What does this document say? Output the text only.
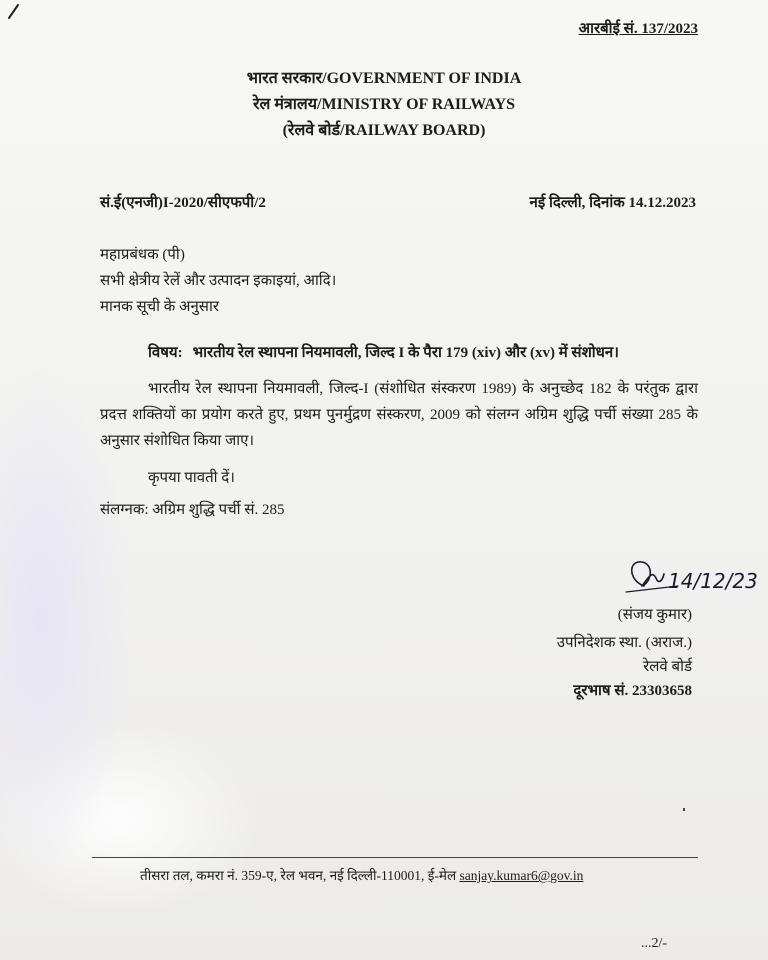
आरबीई सं. 137/2023
भारत सरकार/GOVERNMENT OF INDIA
रेल मंत्रालय/MINISTRY OF RAILWAYS
(रेलवे बोर्ड/RAILWAY BOARD)
सं.ई(एनजी)I-2020/सीएफपी/2	नई दिल्ली, दिनांक 14.12.2023
महाप्रबंधक (पी)
सभी क्षेत्रीय रेलें और उत्पादन इकाइयां, आदि।
मानक सूची के अनुसार
विषय: भारतीय रेल स्थापना नियमावली, जिल्द I के पैरा 179 (xiv) और (xv) में संशोधन।
भारतीय रेल स्थापना नियमावली, जिल्द-I (संशोधित संस्करण 1989) के अनुच्छेद 182 के परंतुक द्वारा प्रदत्त शक्तियों का प्रयोग करते हुए, प्रथम पुनर्मुद्रण संस्करण, 2009 को संलग्न अग्रिम शुद्धि पर्ची संख्या 285 के अनुसार संशोधित किया जाए।
कृपया पावती दें।
संलग्नक: अग्रिम शुद्धि पर्ची सं. 285
14/12/23
(संजय कुमार)
उपनिदेशक स्था. (अराज.)
रेलवे बोर्ड
दूरभाष सं. 23303658
तीसरा तल, कमरा नं. 359-ए, रेल भवन, नई दिल्ली-110001, ई-मेल sanjay.kumar6@gov.in
...2/-
